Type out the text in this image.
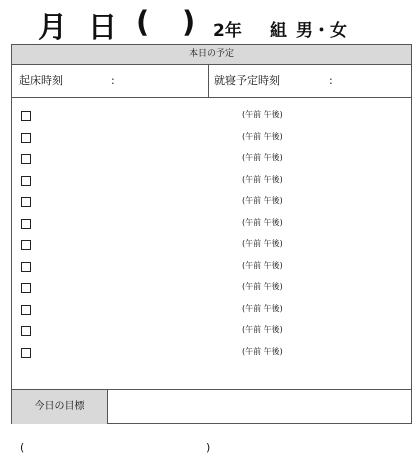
月 日 ( ) 2年 組 男・女
本日の予定
起床時刻	:	就寝予定時刻	:
(午前 午後)
(午前 午後)
(午前 午後)
(午前 午後)
(午前 午後)
(午前 午後)
(午前 午後)
(午前 午後)
(午前 午後)
(午前 午後)
(午前 午後)
(午前 午後)
今日の目標
(	)
